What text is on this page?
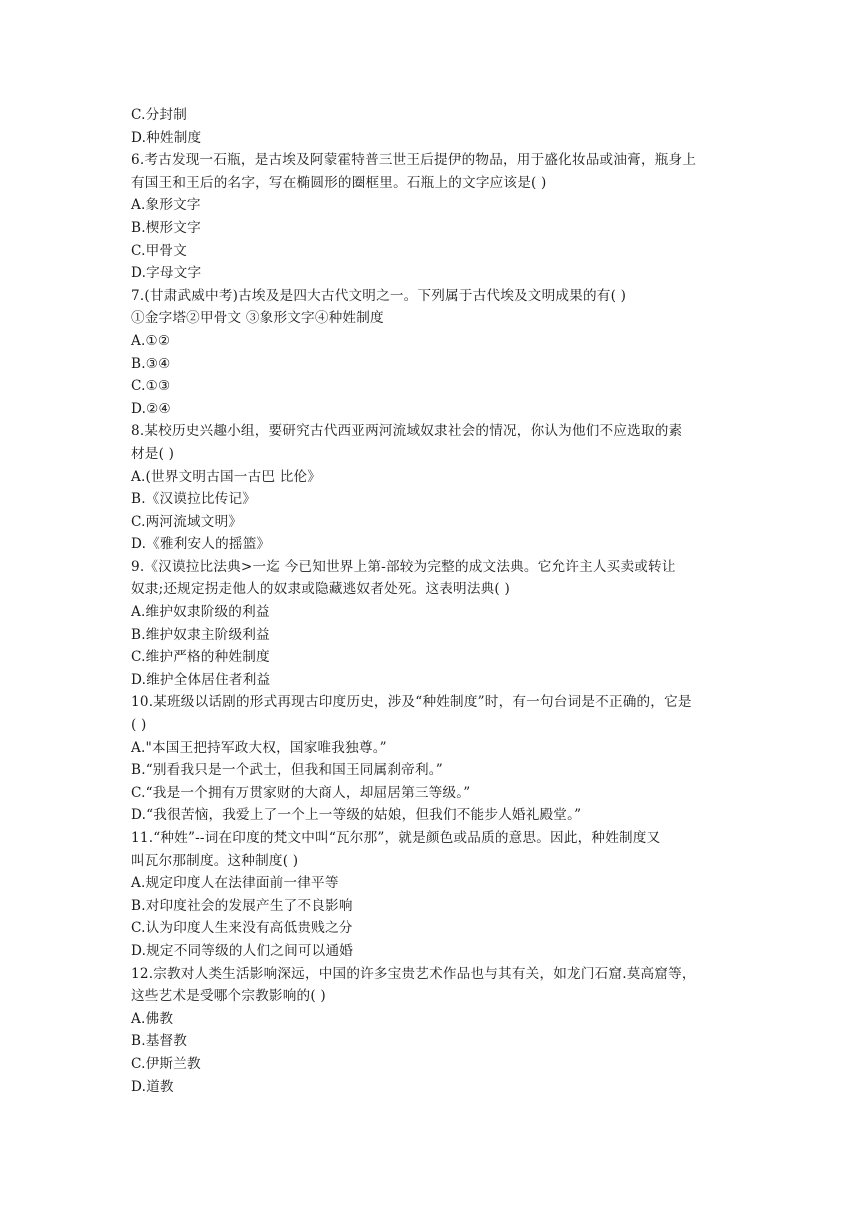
C.分封制
D.种姓制度
6.考古发现一石瓶，是古埃及阿蒙霍特普三世王后提伊的物品，用于盛化妆品或油膏，瓶身上
有国王和王后的名字，写在椭圆形的圈框里。石瓶上的文字应该是( )
A.象形文字
B.楔形文字
C.甲骨文
D.字母文字
7.(甘肃武威中考)古埃及是四大古代文明之一。下列属于古代埃及文明成果的有( )
①金字塔②甲骨文 ③象形文字④种姓制度
A.①②
B.③④
C.①③
D.②④
8.某校历史兴趣小组，要研究古代西亚两河流域奴隶社会的情况，你认为他们不应选取的素
材是( )
A.(世界文明古国一古巴 比伦》
B.《汉谟拉比传记》
C.两河流域文明》
D.《雅利安人的摇篮》
9.《汉谟拉比法典>一迄 今已知世界上第-部较为完整的成文法典。它允许主人买卖或转让
奴隶;还规定拐走他人的奴隶或隐藏逃奴者处死。这表明法典( )
A.维护奴隶阶级的利益
B.维护奴隶主阶级利益
C.维护严格的种姓制度
D.维护全体居住者利益
10.某班级以话剧的形式再现古印度历史，涉及“种姓制度”时，有一句台词是不正确的，它是
( )
A."本国王把持军政大权，国家唯我独尊。”
B.“别看我只是一个武士，但我和国王同属刹帝利。”
C.“我是一个拥有万贯家财的大商人，却屈居第三等级。”
D.“我很苦恼，我爱上了一个上一等级的姑娘，但我们不能步人婚礼殿堂。”
11.“种姓”--词在印度的梵文中叫“瓦尔那”，就是颜色或品质的意思。因此，种姓制度又
叫瓦尔那制度。这种制度( )
A.规定印度人在法律面前一律平等
B.对印度社会的发展产生了不良影响
C.认为印度人生来没有高低贵贱之分
D.规定不同等级的人们之间可以通婚
12.宗教对人类生活影响深远，中国的许多宝贵艺术作品也与其有关，如龙门石窟.莫高窟等，
这些艺术是受哪个宗教影响的( )
A.佛教
B.基督教
C.伊斯兰教
D.道教
